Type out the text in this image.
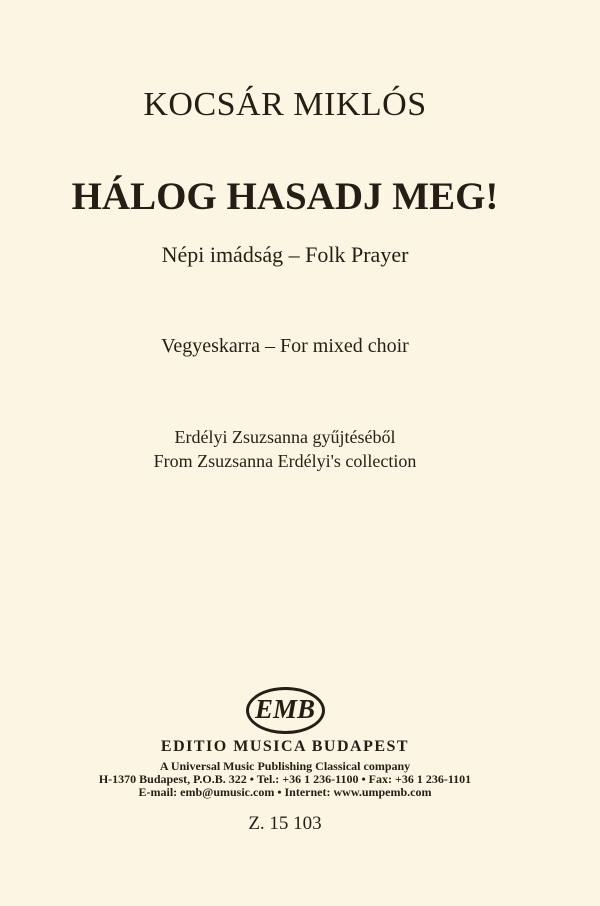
KOCSÁR MIKLÓS
HÁLOG HASADJ MEG!
Népi imádság – Folk Prayer
Vegyeskarra – For mixed choir
Erdélyi Zsuzsanna gyűjtéséből
From Zsuzsanna Erdélyi's collection
EMB
EDITIO MUSICA BUDAPEST
A Universal Music Publishing Classical company
H-1370 Budapest, P.O.B. 322 • Tel.: +36 1 236-1100 • Fax: +36 1 236-1101
E-mail: emb@umusic.com • Internet: www.umpemb.com
Z. 15 103
